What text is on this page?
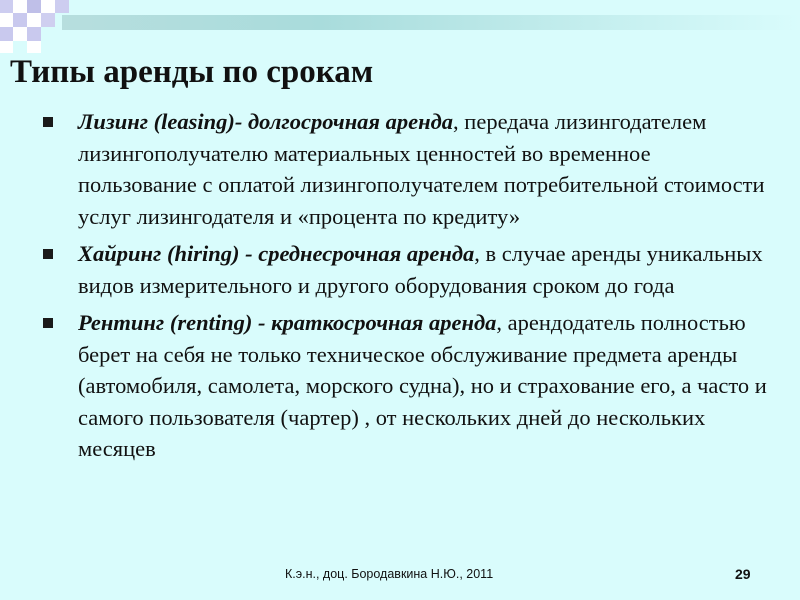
Типы аренды по срокам
Лизинг (leasing)- долгосрочная аренда, передача лизингодателем лизингополучателю материальных ценностей во временное пользование с оплатой лизингополучателем потребительной стоимости услуг лизингодателя и «процента по кредиту»
Хайринг (hiring) - среднесрочная аренда, в случае аренды уникальных видов измерительного и другого оборудования сроком до года
Рентинг (renting) - краткосрочная аренда, арендодатель полностью берет на себя не только техническое обслуживание предмета аренды (автомобиля, самолета, морского судна), но и страхование его, а часто и самого пользователя (чартер) , от нескольких дней до нескольких месяцев
К.э.н., доц. Бородавкина Н.Ю., 2011	29
